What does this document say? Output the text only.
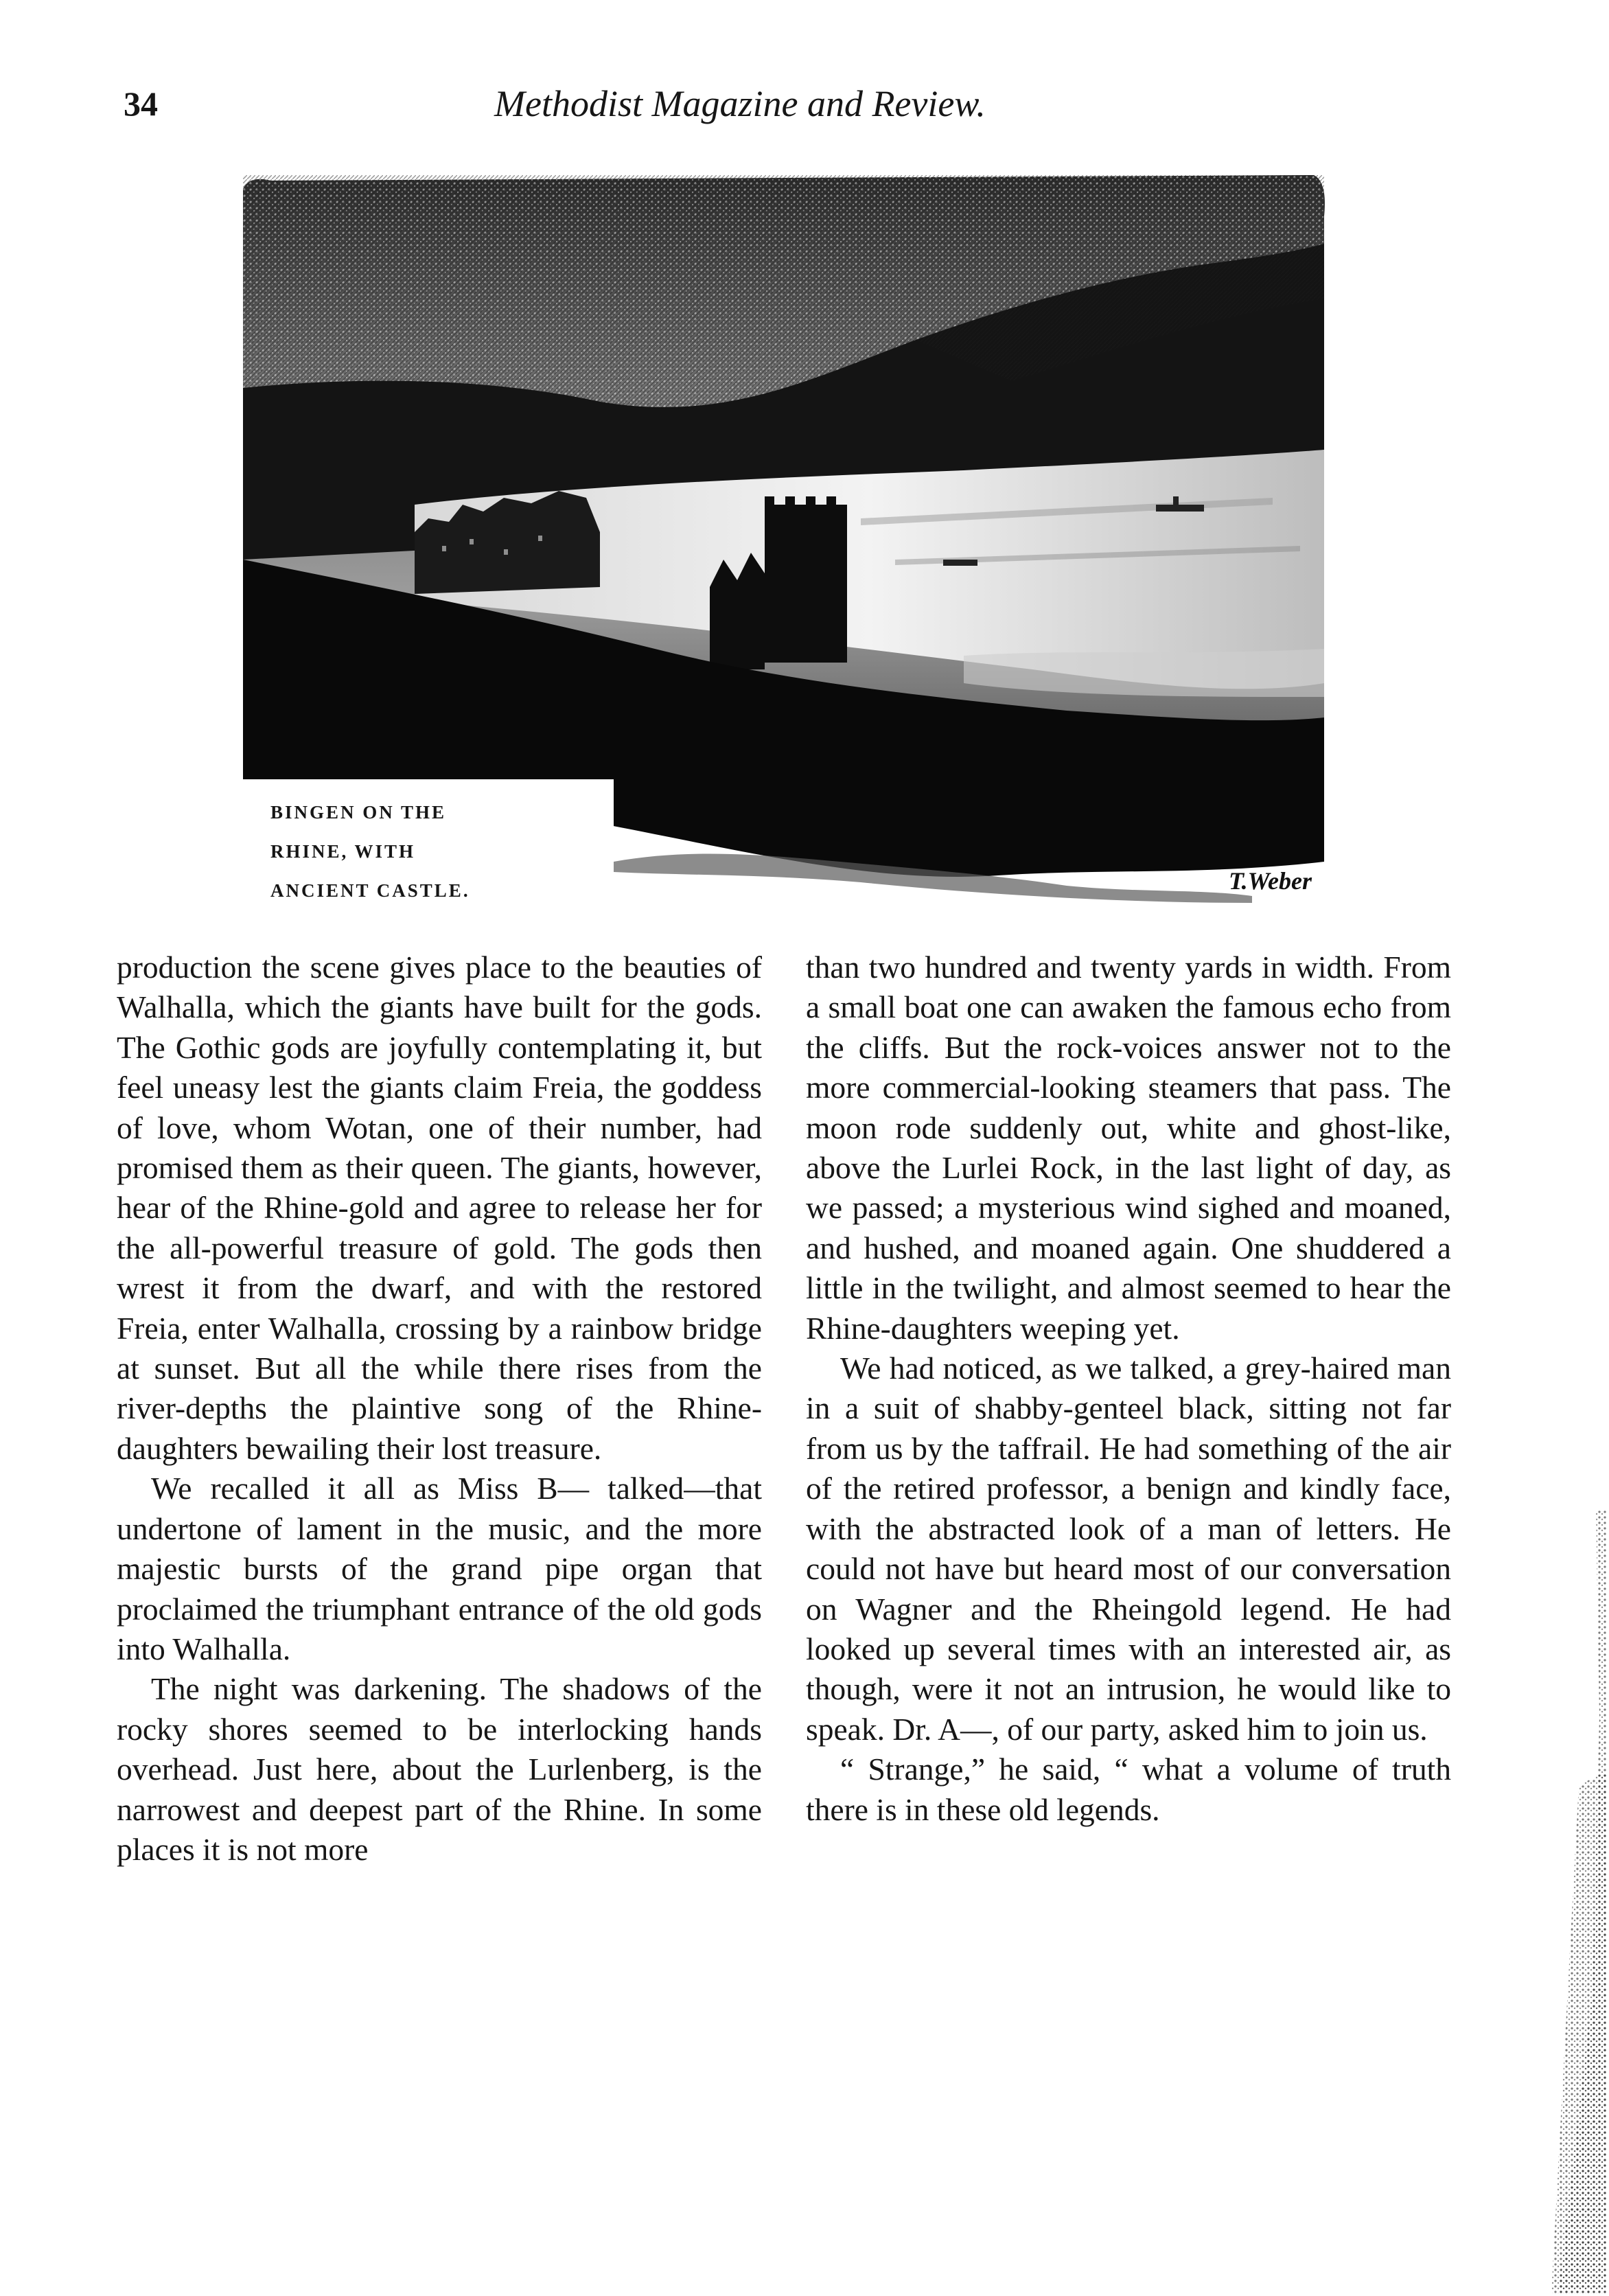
34	Methodist Magazine and Review.
BINGEN ON THE
RHINE, WITH
ANCIENT CASTLE.	T.Weber

production the scene gives place to the beauties of Walhalla, which the giants have built for the gods. The Gothic gods are joyfully contemplating it, but feel uneasy lest the giants claim Freia, the goddess of love, whom Wotan, one of their number, had promised them as their queen. The giants, however, hear of the Rhine-gold and agree to release her for the all-powerful treasure of gold. The gods then wrest it from the dwarf, and with the restored Freia, enter Walhalla, crossing by a rainbow bridge at sunset. But all the while there rises from the river-depths the plaintive song of the Rhine-daughters bewailing their lost treasure.

We recalled it all as Miss B— talked—that undertone of lament in the music, and the more majestic bursts of the grand pipe organ that proclaimed the triumphant entrance of the old gods into Walhalla.

The night was darkening. The shadows of the rocky shores seemed to be interlocking hands overhead. Just here, about the Lurlenberg, is the narrowest and deepest part of the Rhine. In some places it is not more

than two hundred and twenty yards in width. From a small boat one can awaken the famous echo from the cliffs. But the rock-voices answer not to the more commercial-looking steamers that pass. The moon rode suddenly out, white and ghost-like, above the Lurlei Rock, in the last light of day, as we passed; a mysterious wind sighed and moaned, and hushed, and moaned again. One shuddered a little in the twilight, and almost seemed to hear the Rhine-daughters weeping yet.

We had noticed, as we talked, a grey-haired man in a suit of shabby-genteel black, sitting not far from us by the taffrail. He had something of the air of the retired professor, a benign and kindly face, with the abstracted look of a man of letters. He could not have but heard most of our conversation on Wagner and the Rheingold legend. He had looked up several times with an interested air, as though, were it not an intrusion, he would like to speak. Dr. A—, of our party, asked him to join us.

“ Strange,” he said, “ what a volume of truth there is in these old legends.
